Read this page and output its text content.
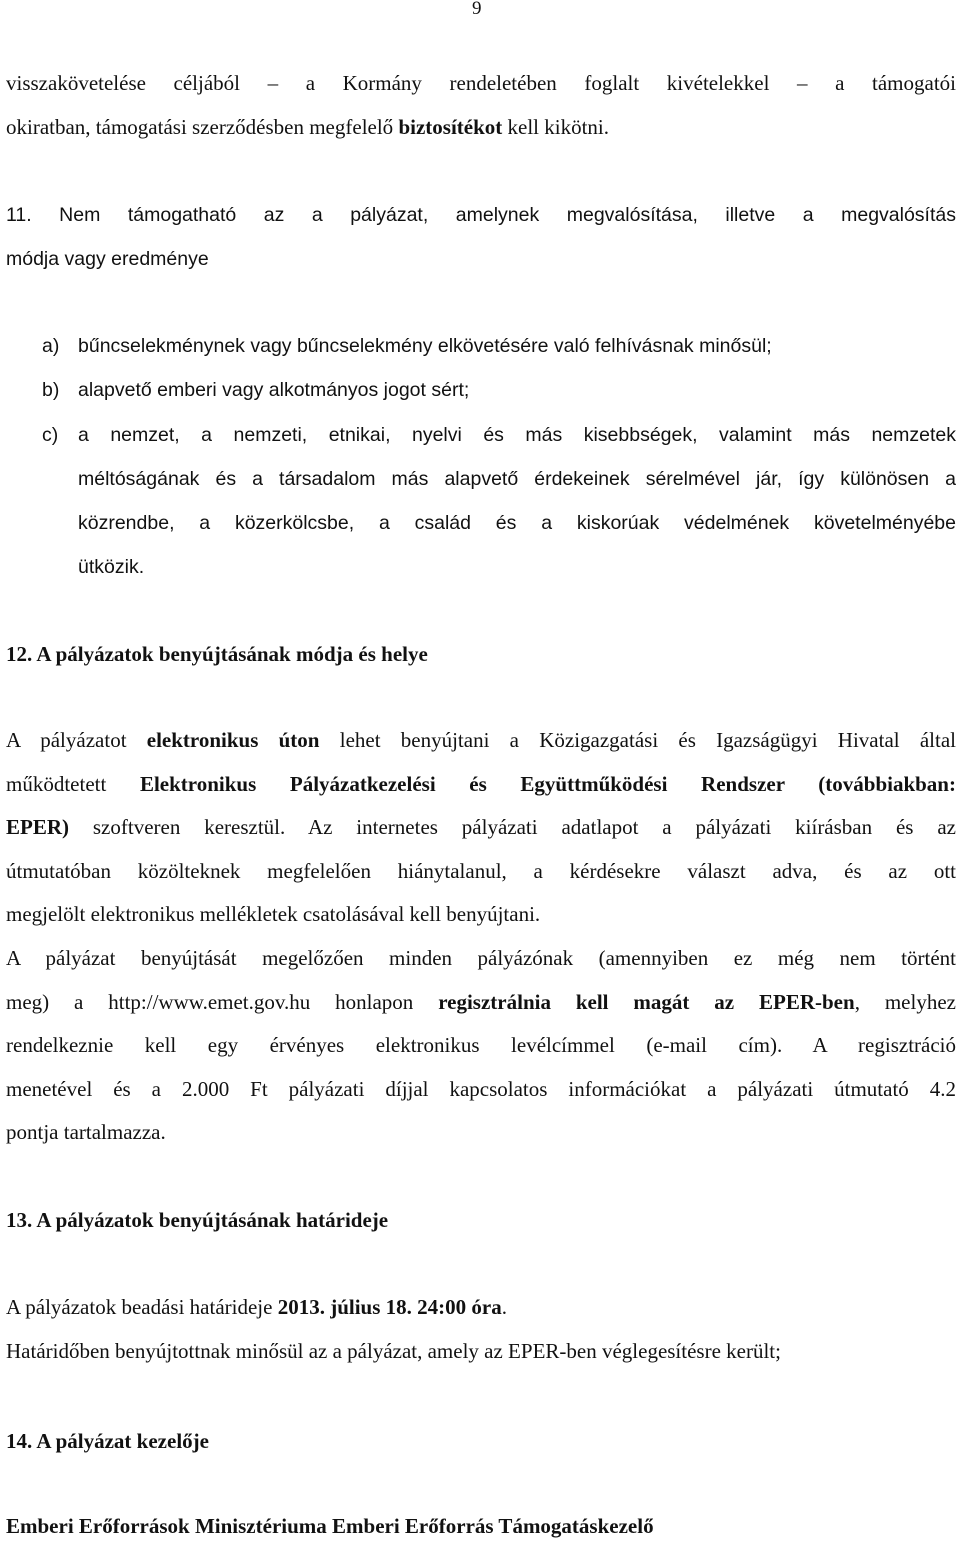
9
visszakövetelése céljából – a Kormány rendeletében foglalt kivételekkel – a támogatói
okiratban, támogatási szerződésben megfelelő biztosítékot kell kikötni.
11. Nem támogatható az a pályázat, amelynek megvalósítása, illetve a megvalósítás
módja vagy eredménye
a) bűncselekménynek vagy bűncselekmény elkövetésére való felhívásnak minősül;
b) alapvető emberi vagy alkotmányos jogot sért;
c) a nemzet, a nemzeti, etnikai, nyelvi és más kisebbségek, valamint más nemzetek
méltóságának és a társadalom más alapvető érdekeinek sérelmével jár, így különösen a
közrendbe, a közerkölcsbe, a család és a kiskorúak védelmének követelményébe
ütközik.
12. A pályázatok benyújtásának módja és helye
A pályázatot elektronikus úton lehet benyújtani a Közigazgatási és Igazságügyi Hivatal által
működtetett Elektronikus Pályázatkezelési és Együttműködési Rendszer (továbbiakban:
EPER) szoftveren keresztül. Az internetes pályázati adatlapot a pályázati kiírásban és az
útmutatóban közölteknek megfelelően hiánytalanul, a kérdésekre választ adva, és az ott
megjelölt elektronikus mellékletek csatolásával kell benyújtani.
A pályázat benyújtását megelőzően minden pályázónak (amennyiben ez még nem történt
meg) a http://www.emet.gov.hu honlapon regisztrálnia kell magát az EPER-ben, melyhez
rendelkeznie kell egy érvényes elektronikus levélcímmel (e-mail cím). A regisztráció
menetével és a 2.000 Ft pályázati díjjal kapcsolatos információkat a pályázati útmutató 4.2
pontja tartalmazza.
13. A pályázatok benyújtásának határideje
A pályázatok beadási határideje 2013. július 18. 24:00 óra.
Határidőben benyújtottnak minősül az a pályázat, amely az EPER-ben véglegesítésre került;
14. A pályázat kezelője
Emberi Erőforrások Minisztériuma Emberi Erőforrás Támogatáskezelő
